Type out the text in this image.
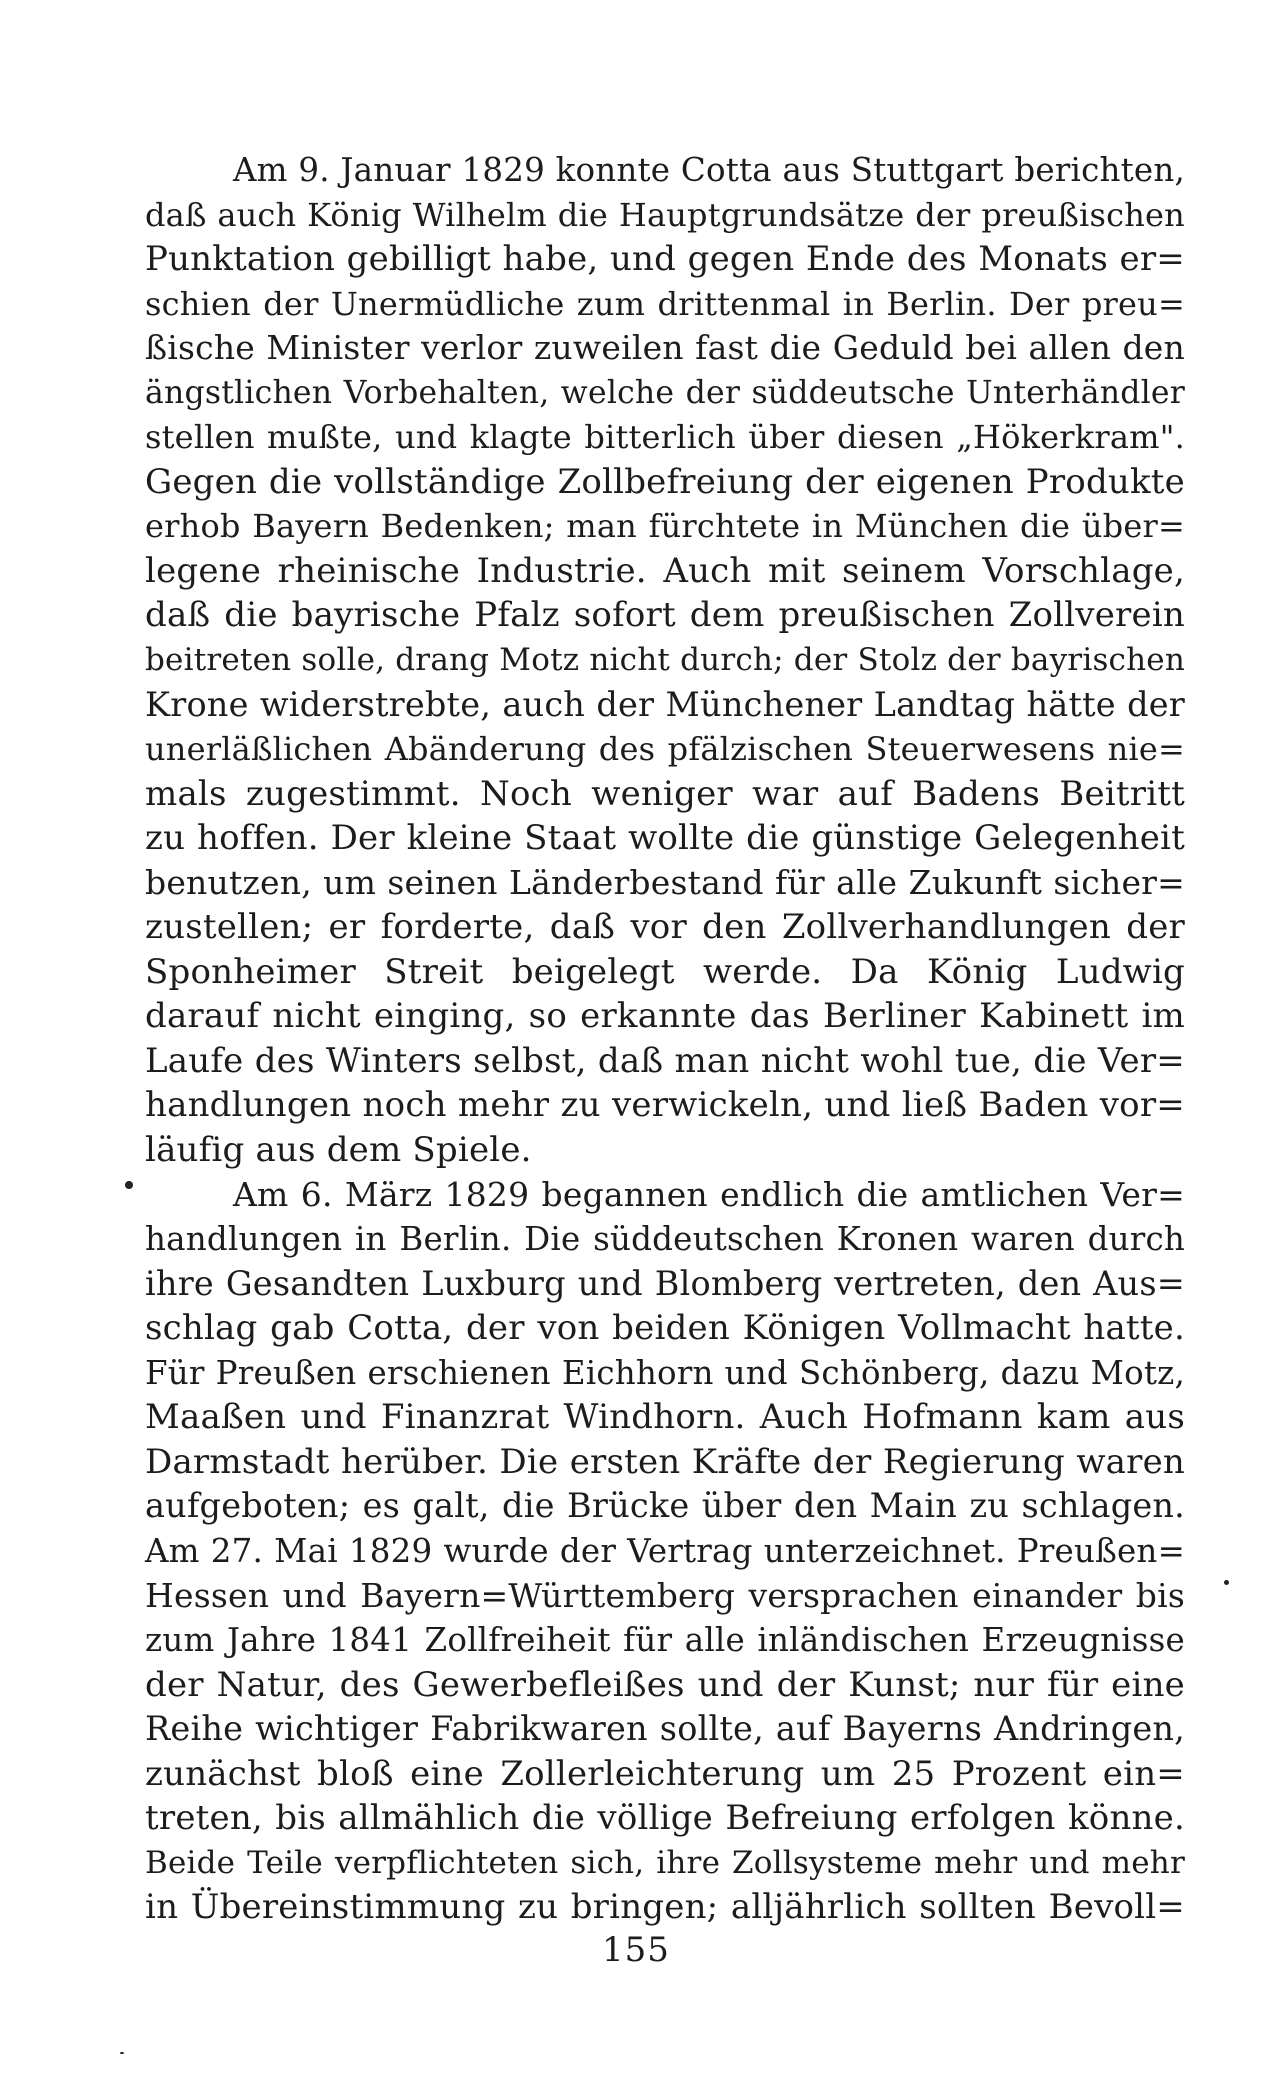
Am 9. Januar 1829 konnte Cotta aus Stuttgart berichten,
daß auch König Wilhelm die Hauptgrundsätze der preußischen
Punktation gebilligt habe, und gegen Ende des Monats er=
schien der Unermüdliche zum drittenmal in Berlin. Der preu=
ßische Minister verlor zuweilen fast die Geduld bei allen den
ängstlichen Vorbehalten, welche der süddeutsche Unterhändler
stellen mußte, und klagte bitterlich über diesen „Hökerkram".
Gegen die vollständige Zollbefreiung der eigenen Produkte
erhob Bayern Bedenken; man fürchtete in München die über=
legene rheinische Industrie. Auch mit seinem Vorschlage,
daß die bayrische Pfalz sofort dem preußischen Zollverein
beitreten solle, drang Motz nicht durch; der Stolz der bayrischen
Krone widerstrebte, auch der Münchener Landtag hätte der
unerläßlichen Abänderung des pfälzischen Steuerwesens nie=
mals zugestimmt. Noch weniger war auf Badens Beitritt
zu hoffen. Der kleine Staat wollte die günstige Gelegenheit
benutzen, um seinen Länderbestand für alle Zukunft sicher=
zustellen; er forderte, daß vor den Zollverhandlungen der
Sponheimer Streit beigelegt werde. Da König Ludwig
darauf nicht einging, so erkannte das Berliner Kabinett im
Laufe des Winters selbst, daß man nicht wohl tue, die Ver=
handlungen noch mehr zu verwickeln, und ließ Baden vor=
läufig aus dem Spiele.
Am 6. März 1829 begannen endlich die amtlichen Ver=
handlungen in Berlin. Die süddeutschen Kronen waren durch
ihre Gesandten Luxburg und Blomberg vertreten, den Aus=
schlag gab Cotta, der von beiden Königen Vollmacht hatte.
Für Preußen erschienen Eichhorn und Schönberg, dazu Motz,
Maaßen und Finanzrat Windhorn. Auch Hofmann kam aus
Darmstadt herüber. Die ersten Kräfte der Regierung waren
aufgeboten; es galt, die Brücke über den Main zu schlagen.
Am 27. Mai 1829 wurde der Vertrag unterzeichnet. Preußen=
Hessen und Bayern=Württemberg versprachen einander bis
zum Jahre 1841 Zollfreiheit für alle inländischen Erzeugnisse
der Natur, des Gewerbefleißes und der Kunst; nur für eine
Reihe wichtiger Fabrikwaren sollte, auf Bayerns Andringen,
zunächst bloß eine Zollerleichterung um 25 Prozent ein=
treten, bis allmählich die völlige Befreiung erfolgen könne.
Beide Teile verpflichteten sich, ihre Zollsysteme mehr und mehr
in Übereinstimmung zu bringen; alljährlich sollten Bevoll=
155
